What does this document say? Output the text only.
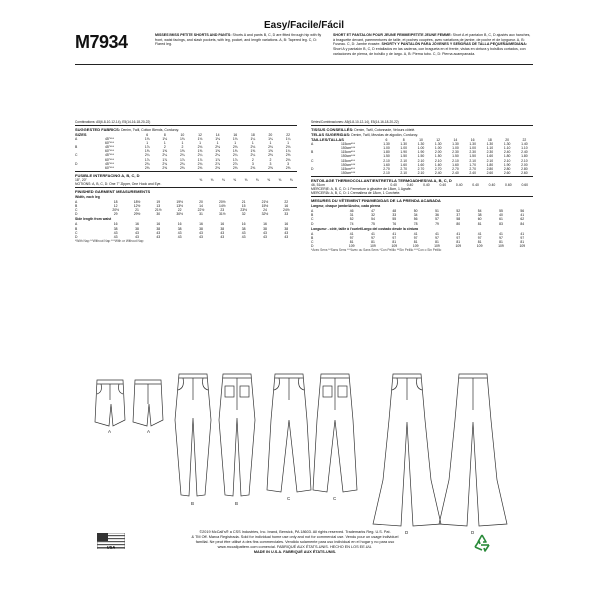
Easy/Facile/Fácil
M7934	MISSES'/MISS PETITE SHORTS AND PANTS: Shorts A and pants B, C, D are fitted through hip with fly front, waist facings, and slash pockets, with leg, pocket, and length variations. A, B: Tapered leg. C, D: Flared leg.
SHORT ET PANTALON POUR JEUNE FEMME/PETITE JEUNE FEMME: Short A et pantalon B, C, D ajustés aux hanches, à braguette devant, parementures de taille, et poches coupées, avec variations de jambe, de poche et de longueur. A, B: Fuseau. C, D: Jambe évasée. SHORTY Y PANTALÓN PARA JÓVENES Y SEÑORAS DE TALLA PEQUEÑA/MEDIANA: Short A y pantalón B, C, D entallados en las caderas, con bragueta en el frente, vistas en cintura y bolsillos cortados, con variaciones de pierna, de bolsillo y de largo. A, B: Pierna tubo. C, D: Pierna acampanada.
Combinations: A5(6-8-10-12-14), E5(14-16-18-20-22)
SUGGESTED FABRICS: Denim, Twill, Cotton Blends, Corduroy.
SIZES		6	8	10	12	14	16	18	20	22
A	45"***	1⅛	1⅛	1⅛	1⅛	1⅛	1⅛	1¼	1¼	1¼
	60"***	1	1	1	1	1	1	1	1	1
B	45"***	1⅞	2	2	2⅛	2⅛	2⅛	2⅛	2⅛	2⅛
	60"***	1⅝	1⅝	1⅝	1⅝	1⅝	1⅝	1⅝	1⅝	1¾
C	45"***	2¼	2¼	2¼	2¼	2¼	2¼	2¼	2⅜	2⅜
	60"***	1⅞	1⅞	1⅞	1⅞	1⅞	1⅞	2	2	2⅛
D	45"***	2¾	2¾	2¾	2¾	2⅞	2⅞	3	3	3
	60"***	2⅜	2⅜	2⅜	2⅜	2⅜	2⅜	2⅜	2⅝	2⅝
FUSIBLE INTERFACING A, B, C, D
18", 20"	⅜	⅜	⅜	⅜	⅜	⅜	⅜	⅜	⅜
NOTIONS: A, B, C, D: One 7" Zipper, One Hook and Eye.
FINISHED GARMENT MEASUREMENTS
Width, each leg
A		18	18½	19	19½	20	20½	21	21½	22
B		12	12½	13	13½	14	14½	15	15½	16
C		20½	21	21½	22	22½	23	23½	24	24½
D		29	29½	30	30½	31	31½	32	32½	33
Side length from waist
A		16	16	16	16	16	16	16	16	16
B		38	38	38	38	38	38	38	38	38
C		43	43	43	43	43	43	43	43	43
D		43	43	43	43	43	43	43	43	43
*With Nap **Without Nap ***With or Without Nap
Séries/Combinaciones: A5(6-8-10-12-14), E5(14-16-18-20-22)
TISSUS CONSEILLÉS: Denim, Twill, Cotonnade, Velours côtelé.
TELAS SUGERIDAS: Denim, Twill, Mezclas de algodón, Corduroy.
TAILLES/TALLAS		6	8	10	12	14	16	18	20	22
A	115cm***	1.30	1.30	1.30	1.30	1.30	1.30	1.30	1.30	1.40
	150cm***	1.00	1.00	1.00	1.00	1.00	1.00	1.10	1.10	1.10
B	115cm***	1.80	1.90	1.90	2.00	2.30	2.30	2.30	2.40	2.40
	150cm***	1.50	1.50	1.50	1.50	1.50	1.50	1.60	1.80	1.80
C	115cm***	2.10	2.10	2.10	2.10	2.10	2.10	2.10	2.10	2.10
	150cm***	1.60	1.60	1.60	1.60	1.60	1.70	1.80	1.90	2.00
D	115cm***	2.70	2.70	2.70	2.70	2.70	2.70	2.80	2.80	2.80
	150cm***	2.10	2.10	2.10	2.40	2.40	2.40	2.60	2.60	2.60
ENTOILAGE THERMOCOLLANT/ENTRETELA TERMOADHESIVA A, B, C, D
46, 51cm	0.40	0.40	0.40	0.40	0.40	0.40	0.40	0.60	0.60
MERCERIE: A, B, C, D: 1 Fermeture à glissière de 18cm, 1 Agrafe.
MERCERÍA: A, B, C, D: 1 Cremallera de 18cm, 1 Corchete.
MESURES DU VÊTEMENT FINI/MEDIDAS DE LA PRENDA ACABADA
Largeur, chaque jambe/Ancho, cada pierna
A		46	47	48	50	51	52	54	55	56
B		31	32	33	34	36	37	38	40	41
C		52	54	55	56	57	58	60	61	62
D		74	75	76	78	79	80	81	83	84
Longueur - côté, taille à l'ourlet/Largo del costado desde la cintura
A		41	41	41	41	41	41	41	41	41
B		97	97	97	97	97	97	97	97	97
C		81	81	81	81	81	81	81	81	81
D		109	109	109	109	109	109	109	109	109
*Avec Sens **Sans Sens ***Avec ou Sans Sens *Con Pelillo **Sin Pelillo ***Con o Sin Pelillo
A	A
B	B
C	C
D	D
USA
©2019 McCall's® a CSS Industries, Inc. brand, Berwick, PA 18603. All rights reserved. Trademarks Reg. U.S. Pat.
& TM Off. Marca Registrada. Sold for individual home use only and not for commercial use. Vendu pour un usage individuel
familial. Ne peut être utilisé à des fins commerciales. Vendido solamente para uso individual en el hogar y no para uso
www.mccallpattern.com comercial. FABRIQUÉ AUX ÉTATS-UNIS. HECHO EN LOS EE.UU.
MADE IN U.S.A. FABRIQUÉ AUX ÉTATS-UNIS.
